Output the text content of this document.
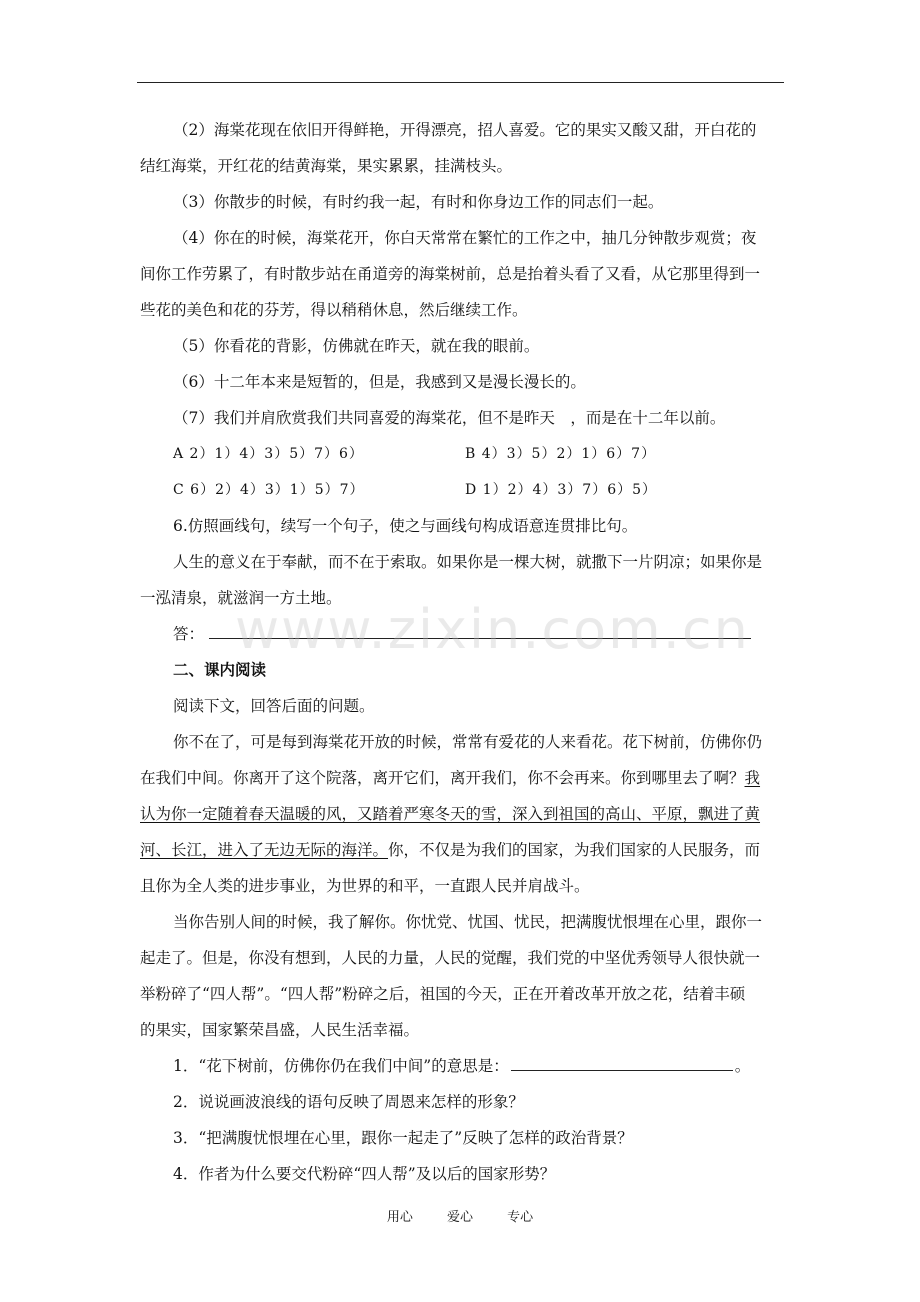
（2）海棠花现在依旧开得鲜艳，开得漂亮，招人喜爱。它的果实又酸又甜，开白花的

结红海棠，开红花的结黄海棠，果实累累，挂满枝头。

（3）你散步的时候，有时约我一起，有时和你身边工作的同志们一起。

（4）你在的时候，海棠花开，你白天常常在繁忙的工作之中，抽几分钟散步观赏；夜

间你工作劳累了，有时散步站在甬道旁的海棠树前，总是抬着头看了又看，从它那里得到一

些花的美色和花的芬芳，得以稍稍休息，然后继续工作。

（5）你看花的背影，仿佛就在昨天，就在我的眼前。

（6）十二年本来是短暂的，但是，我感到又是漫长漫长的。

（7）我们并肩欣赏我们共同喜爱的海棠花，但不是昨天　，而是在十二年以前。

A 2）1）4）3）5）7）6）	B 4）3）5）2）1）6）7）
C 6）2）4）3）1）5）7）	D 1）2）4）3）7）6）5）

6.仿照画线句，续写一个句子，使之与画线句构成语意连贯排比句。

人生的意义在于奉献，而不在于索取。如果你是一棵大树，就撒下一片阴凉；如果你是

一泓清泉，就滋润一方土地。

答：

二、课内阅读

阅读下文，回答后面的问题。

你不在了，可是每到海棠花开放的时候，常常有爱花的人来看花。花下树前，仿佛你仍

在我们中间。你离开了这个院落，离开它们，离开我们，你不会再来。你到哪里去了啊？我

认为你一定随着春天温暖的风，又踏着严寒冬天的雪，深入到祖国的高山、平原，飘进了黄

河、长江，进入了无边无际的海洋。你，不仅是为我们的国家，为我们国家的人民服务，而

且你为全人类的进步事业，为世界的和平，一直跟人民并肩战斗。

当你告别人间的时候，我了解你。你忧党、忧国、忧民，把满腹忧恨埋在心里，跟你一

起走了。但是，你没有想到，人民的力量，人民的觉醒，我们党的中坚优秀领导人很快就一

举粉碎了“四人帮”。“四人帮”粉碎之后，祖国的今天，正在开着改革开放之花，结着丰硕

的果实，国家繁荣昌盛，人民生活幸福。

1．“花下树前，仿佛你仍在我们中间”的意思是：	。

2．说说画波浪线的语句反映了周恩来怎样的形象？

3．“把满腹忧恨埋在心里，跟你一起走了”反映了怎样的政治背景？

4．作者为什么要交代粉碎“四人帮”及以后的国家形势？

www.zixin.com.cn
用心	爱心	专心
